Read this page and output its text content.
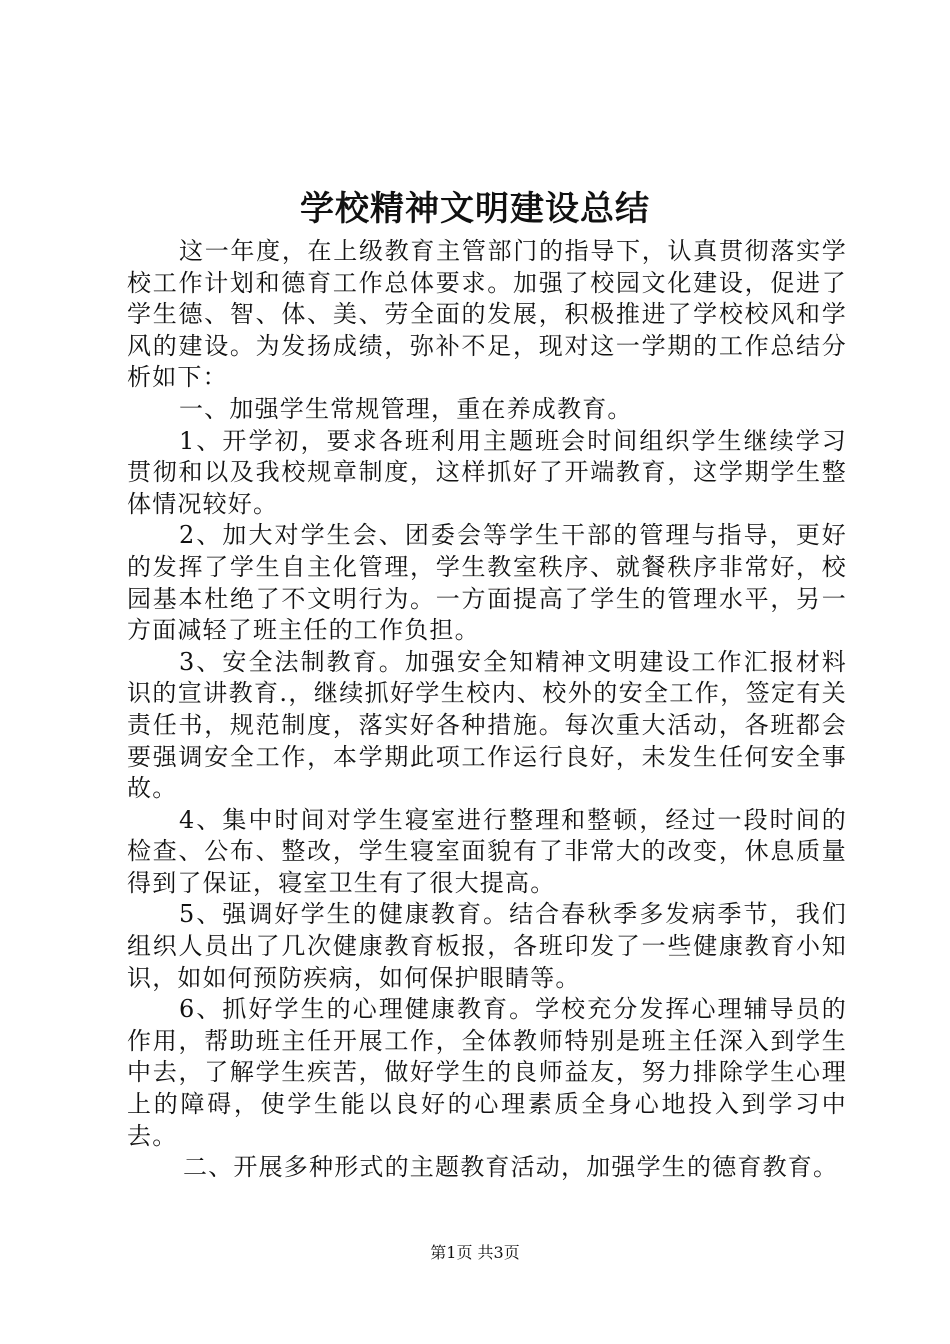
学校精神文明建设总结

这一年度，在上级教育主管部门的指导下，认真贯彻落实学校工作计划和德育工作总体要求。加强了校园文化建设，促进了学生德、智、体、美、劳全面的发展，积极推进了学校校风和学风的建设。为发扬成绩，弥补不足，现对这一学期的工作总结分析如下：

一、加强学生常规管理，重在养成教育。

1、开学初，要求各班利用主题班会时间组织学生继续学习贯彻和以及我校规章制度，这样抓好了开端教育，这学期学生整体情况较好。

2、加大对学生会、团委会等学生干部的管理与指导，更好的发挥了学生自主化管理，学生教室秩序、就餐秩序非常好，校园基本杜绝了不文明行为。一方面提高了学生的管理水平，另一方面减轻了班主任的工作负担。

3、安全法制教育。加强安全知精神文明建设工作汇报材料识的宣讲教育.，继续抓好学生校内、校外的安全工作，签定有关责任书，规范制度，落实好各种措施。每次重大活动，各班都会要强调安全工作，本学期此项工作运行良好，未发生任何安全事故。

4、集中时间对学生寝室进行整理和整顿，经过一段时间的检查、公布、整改，学生寝室面貌有了非常大的改变，休息质量得到了保证，寝室卫生有了很大提高。

5、强调好学生的健康教育。结合春秋季多发病季节，我们组织人员出了几次健康教育板报，各班印发了一些健康教育小知识，如如何预防疾病，如何保护眼睛等。

6、抓好学生的心理健康教育。学校充分发挥心理辅导员的作用，帮助班主任开展工作，全体教师特别是班主任深入到学生中去，了解学生疾苦，做好学生的良师益友，努力排除学生心理上的障碍，使学生能以良好的心理素质全身心地投入到学习中去。

二、开展多种形式的主题教育活动，加强学生的德育教育。

第1页 共3页
